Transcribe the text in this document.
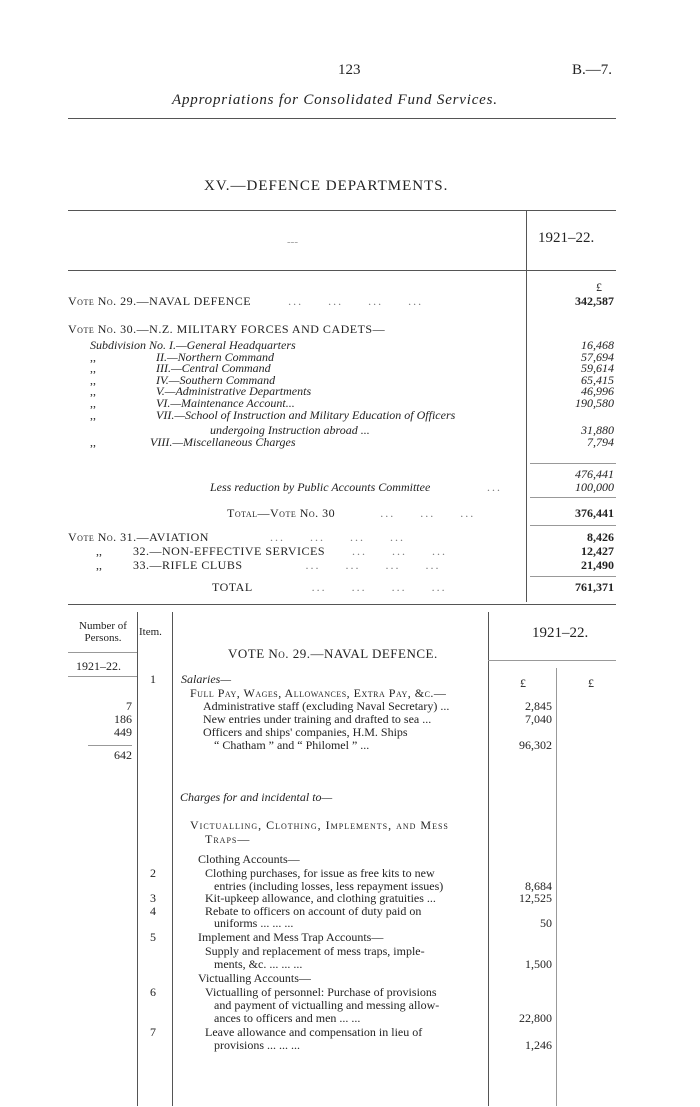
123	B.—7.
Appropriations for Consolidated Fund Services.
XV.—DEFENCE DEPARTMENTS.
---	1921–22.
£
Vote No. 29.—NAVAL DEFENCE	...     ...     ...     ...	342,587
Vote No. 30.—N.Z. MILITARY FORCES AND CADETS—
Subdivision No. I.—General Headquarters	16,468
,,	II.—Northern Command	57,694
,,	III.—Central Command	59,614
,,	IV.—Southern Command	65,415
,,	V.—Administrative Departments	46,996
,,	VI.—Maintenance Account...	190,580
,,	VII.—School of Instruction and Military Education of Officers
undergoing Instruction abroad ...	31,880
,,	VIII.—Miscellaneous Charges	7,794
476,441
Less reduction by Public Accounts Committee	...	100,000
Total—Vote No. 30	...     ...     ...	376,441
Vote No. 31.—AVIATION	...     ...     ...     ...	8,426
,,	32.—NON-EFFECTIVE SERVICES ...     ...     ...	12,427
,,	33.—RIFLE CLUBS	...     ...     ...     ...	21,490
TOTAL	...     ...     ...     ...	761,371
Number of Persons.	Item.	1921–22.
VOTE No. 29.—NAVAL DEFENCE.
1921–22.
£	£
1 Salaries—
Full Pay, Wages, Allowances, Extra Pay, &c.—
7	Administrative staff (excluding Naval Secretary) ...	2,845
186	New entries under training and drafted to sea ...	7,040
449	Officers and ships' companies, H.M. Ships
“ Chatham ” and “ Philomel ” ...	96,302
642
Charges for and incidental to—
Victualling, Clothing, Implements, and Mess
Traps—
Clothing Accounts—
2	Clothing purchases, for issue as free kits to new
entries (including losses, less repayment issues)	8,684
3	Kit-upkeep allowance, and clothing gratuities ...	12,525
4	Rebate to officers on account of duty paid on
uniforms ... ... ...	50
5	Implement and Mess Trap Accounts—
Supply and replacement of mess traps, imple-
ments, &c. ... ... ...	1,500
Victualling Accounts—
6	Victualling of personnel: Purchase of provisions
and payment of victualling and messing allow-
ances to officers and men ... ...	22,800
7	Leave allowance and compensation in lieu of
provisions ... ... ...	1,246
